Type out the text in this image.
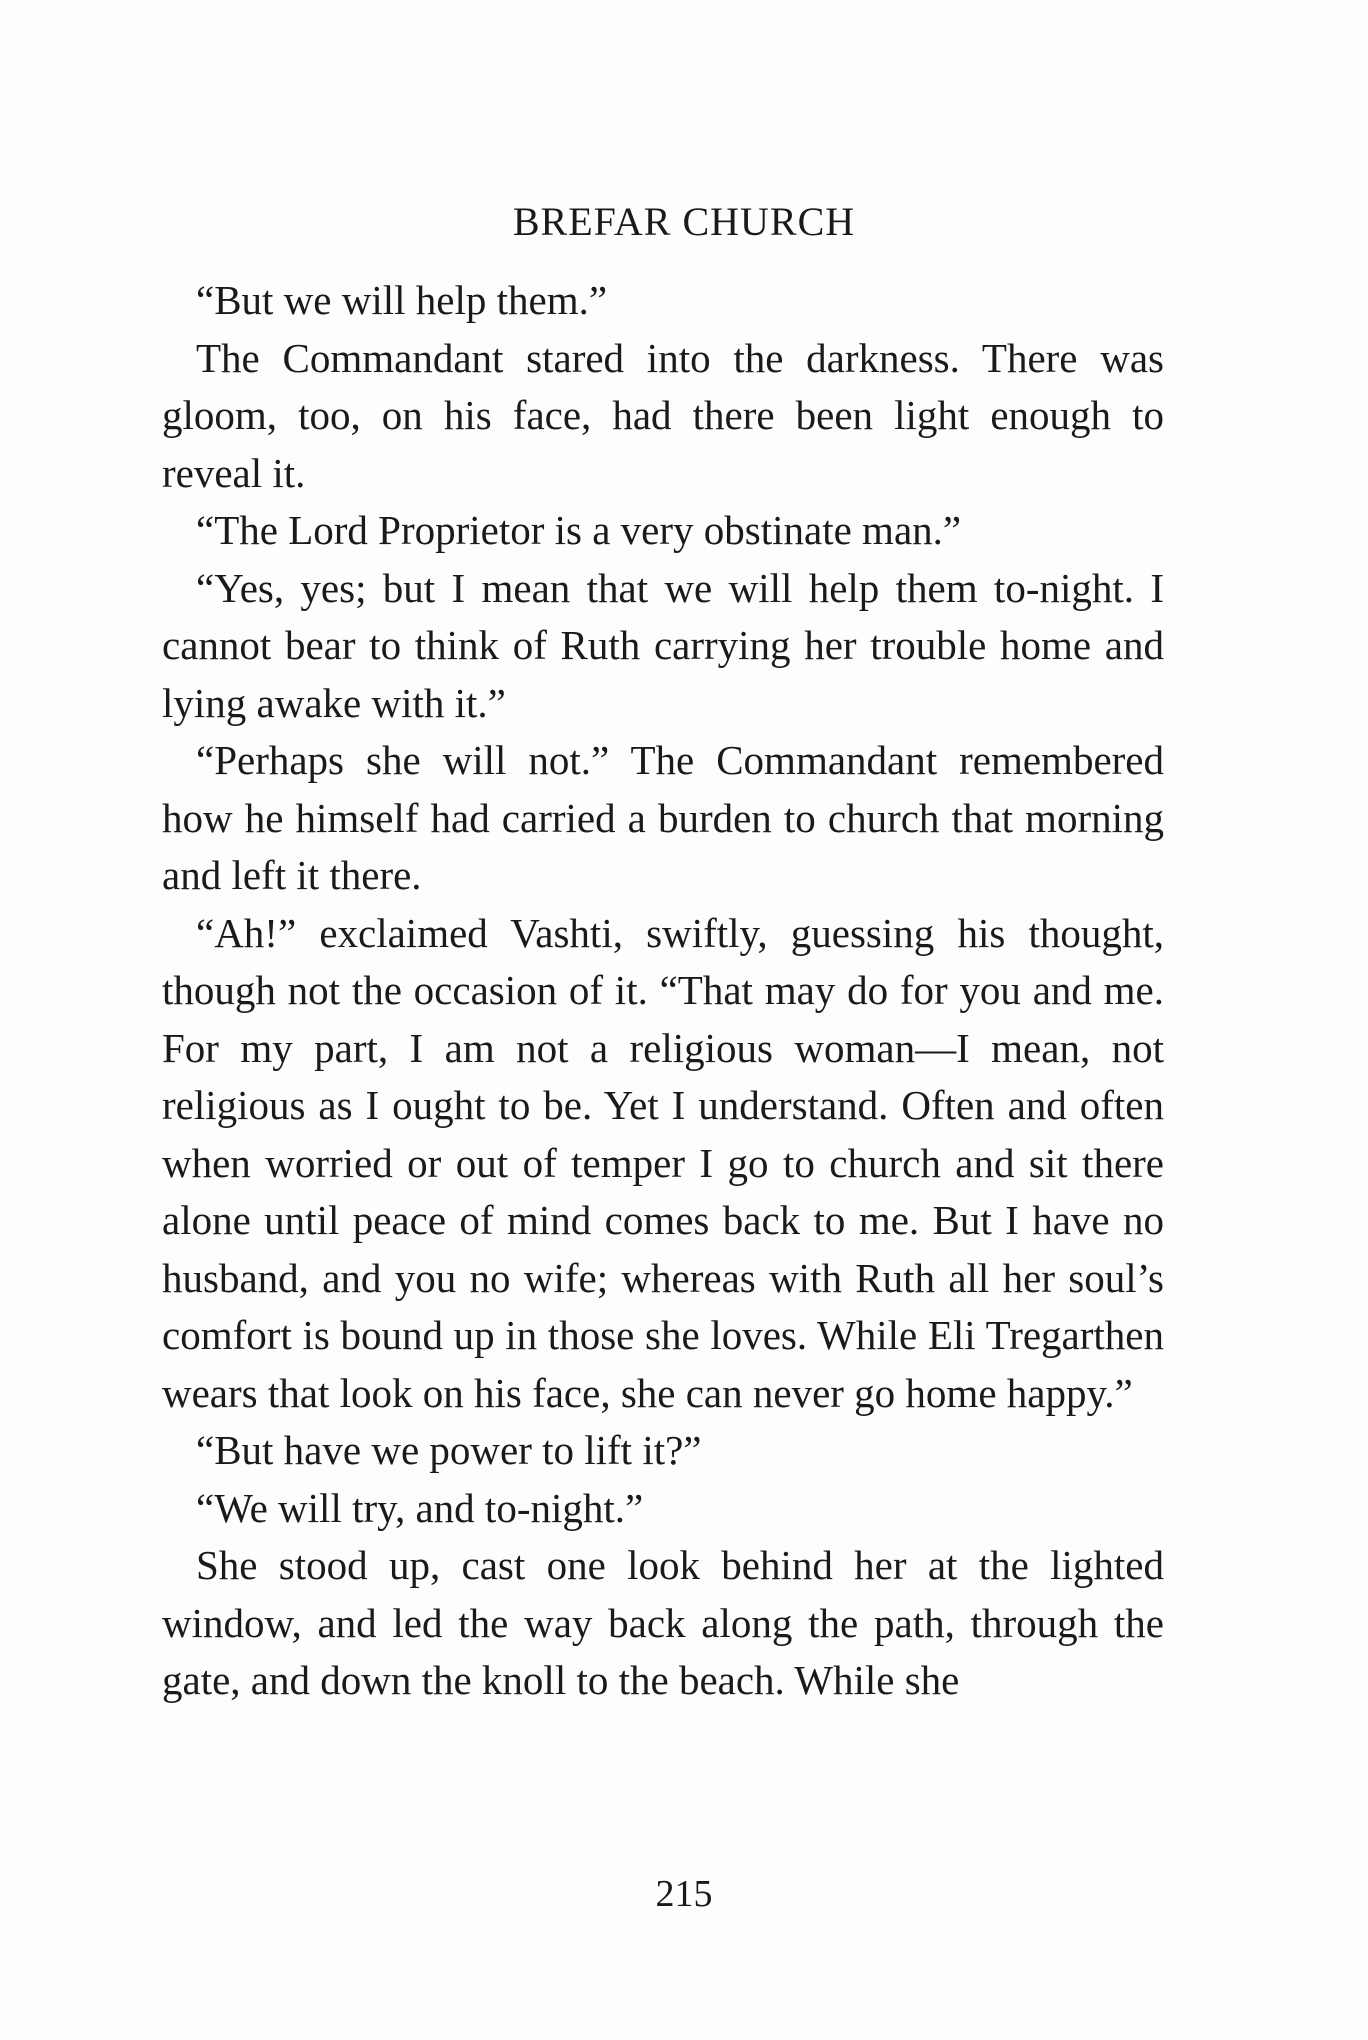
BREFAR CHURCH

“But we will help them.”

The Commandant stared into the darkness. There was gloom, too, on his face, had there been light enough to reveal it.

“The Lord Proprietor is a very obstinate man.”

“Yes, yes; but I mean that we will help them to-night. I cannot bear to think of Ruth carrying her trouble home and lying awake with it.”

“Perhaps she will not.” The Commandant remembered how he himself had carried a burden to church that morning and left it there.

“Ah!” exclaimed Vashti, swiftly, guessing his thought, though not the occasion of it. “That may do for you and me. For my part, I am not a religious woman—I mean, not religious as I ought to be. Yet I understand. Often and often when worried or out of temper I go to church and sit there alone until peace of mind comes back to me. But I have no husband, and you no wife; whereas with Ruth all her soul’s comfort is bound up in those she loves. While Eli Tregarthen wears that look on his face, she can never go home happy.”

“But have we power to lift it?”

“We will try, and to-night.”

She stood up, cast one look behind her at the lighted window, and led the way back along the path, through the gate, and down the knoll to the beach. While she

215
